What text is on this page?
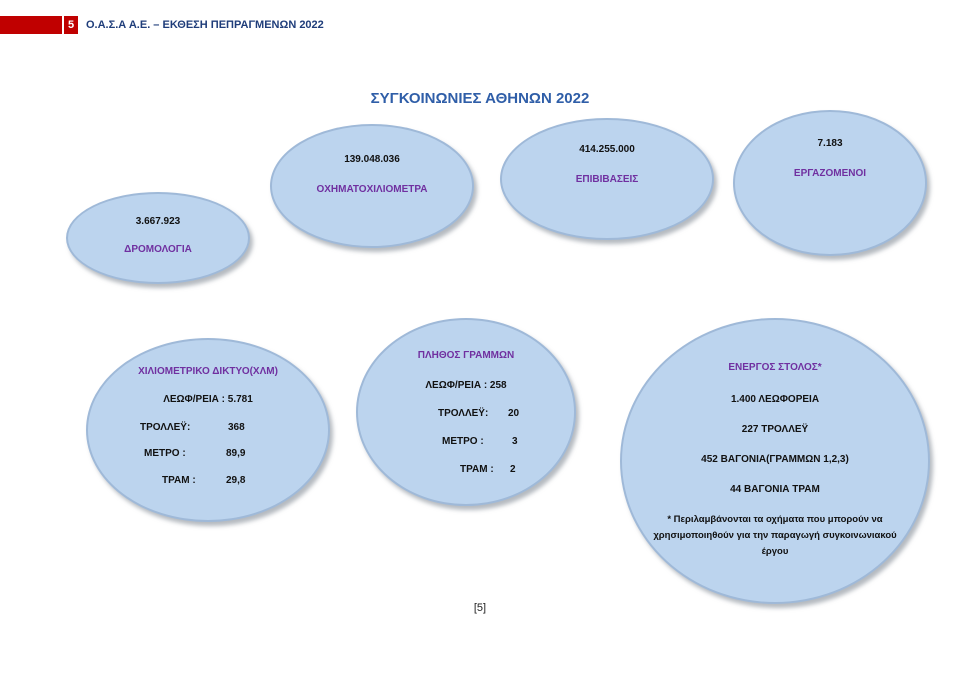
5	Ο.Α.Σ.Α Α.Ε. – ΕΚΘΕΣΗ ΠΕΠΡΑΓΜΕΝΩΝ 2022
ΣΥΓΚΟΙΝΩΝΙΕΣ ΑΘΗΝΩΝ 2022
3.667.923
ΔΡΟΜΟΛΟΓΙΑ
139.048.036
ΟΧΗΜΑΤΟΧΙΛΙΟΜΕΤΡΑ
414.255.000
ΕΠΙΒΙΒΑΣΕΙΣ
7.183
ΕΡΓΑΖΟΜΕΝΟΙ
ΧΙΛΙΟΜΕΤΡΙΚΟ ΔΙΚΤΥΟ(ΧΛΜ)
ΛΕΩΦ/ΡΕΙΑ : 5.781
ΤΡΟΛΛΕΫ:	368
ΜΕΤΡΟ :	89,9
ΤΡΑΜ :	29,8
ΠΛΗΘΟΣ ΓΡΑΜΜΩΝ
ΛΕΩΦ/ΡΕΙΑ : 258
ΤΡΟΛΛΕΫ: 20
ΜΕΤΡΟ :	3
ΤΡΑΜ : 2
ΕΝΕΡΓΟΣ ΣΤΟΛΟΣ*
1.400 ΛΕΩΦΟΡΕΙΑ
227 ΤΡΟΛΛΕΫ
452 ΒΑΓΟΝΙΑ(ΓΡΑΜΜΩΝ 1,2,3)
44 ΒΑΓΟΝΙΑ ΤΡΑΜ
* Περιλαμβάνονται τα οχήματα που μπορούν να χρησιμοποιηθούν για την παραγωγή συγκοινωνιακού έργου
[5]
